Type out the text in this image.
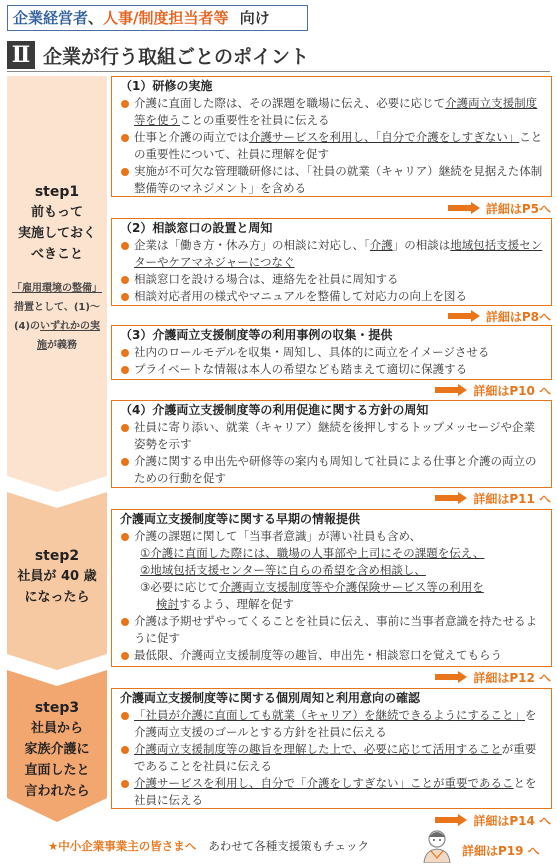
企業経営者、人事/制度担当者等 向け
Ⅱ 企業が行う取組ごとのポイント
step1
前もって
実施しておく
べきこと
「雇用環境の整備」措置として、(1)～(4)のいずれかの実施が義務
step2
社員が 40 歳
になったら
step3
社員から
家族介護に
直面したと
言われたら
（1）研修の実施
介護に直面した際は、その課題を職場に伝え、必要に応じて介護両立支援制度等を使うことの重要性を社員に伝える
仕事と介護の両立では介護サービスを利用し、「自分で介護をしすぎない」ことの重要性について、社員に理解を促す
実施が不可欠な管理職研修には、「社員の就業（キャリア）継続を見据えた体制整備等のマネジメント」を含める
詳細はP5へ
（2）相談窓口の設置と周知
企業は「働き方・休み方」の相談に対応し、「介護」の相談は地域包括支援センターやケアマネジャーにつなぐ
相談窓口を設ける場合は、連絡先を社員に周知する
相談対応者用の様式やマニュアルを整備して対応力の向上を図る
詳細はP8へ
（3）介護両立支援制度等の利用事例の収集・提供
社内のロールモデルを収集・周知し、具体的に両立をイメージさせる
プライベートな情報は本人の希望なども踏まえて適切に保護する
詳細はP10 へ
（4）介護両立支援制度等の利用促進に関する方針の周知
社員に寄り添い、就業（キャリア）継続を後押しするトップメッセージや企業姿勢を示す
介護に関する申出先や研修等の案内も周知して社員による仕事と介護の両立のための行動を促す
詳細はP11 へ
介護両立支援制度等に関する早期の情報提供
介護の課題に関して「当事者意識」が薄い社員も含め、
①介護に直面した際には、職場の人事部や上司にその課題を伝え、
②地域包括支援センター等に自らの希望を含め相談し、
③必要に応じて介護両立支援制度等や介護保険サービス等の利用を
検討するよう、理解を促す
介護は予期せずやってくることを社員に伝え、事前に当事者意識を持たせるように促す
最低限、介護両立支援制度等の趣旨、申出先・相談窓口を覚えてもらう
詳細はP12 へ
介護両立支援制度等に関する個別周知と利用意向の確認
「社員が介護に直面しても就業（キャリア）を継続できるようにすること」を介護両立支援のゴールとする方針を社員に伝える
介護両立支援制度等の趣旨を理解した上で、必要に応じて活用することが重要であることを社員に伝える
介護サービスを利用し、自分で「介護をしすぎない」ことが重要であることを社員に伝える
詳細はP14 へ
★中小企業事業主の皆さまへ あわせて各種支援策もチェック	詳細はP19 へ
